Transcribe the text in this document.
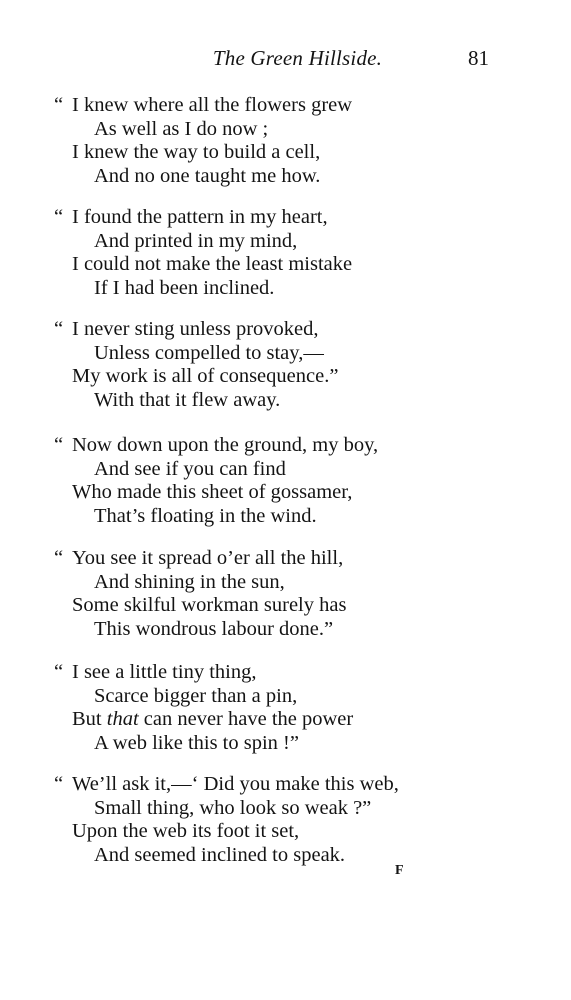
The Green Hillside.	81
“ I knew where all the flowers grew
As well as I do now ;
I knew the way to build a cell,
And no one taught me how.
“ I found the pattern in my heart,
And printed in my mind,
I could not make the least mistake
If I had been inclined.
“ I never sting unless provoked,
Unless compelled to stay,—
My work is all of consequence.”
With that it flew away.
“ Now down upon the ground, my boy,
And see if you can find
Who made this sheet of gossamer,
That’s floating in the wind.
“ You see it spread o’er all the hill,
And shining in the sun,
Some skilful workman surely has
This wondrous labour done.”
“ I see a little tiny thing,
Scarce bigger than a pin,
But that can never have the power
A web like this to spin !”
“ We’ll ask it,—‘ Did you make this web,
Small thing, who look so weak ?”
Upon the web its foot it set,
And seemed inclined to speak.
F
